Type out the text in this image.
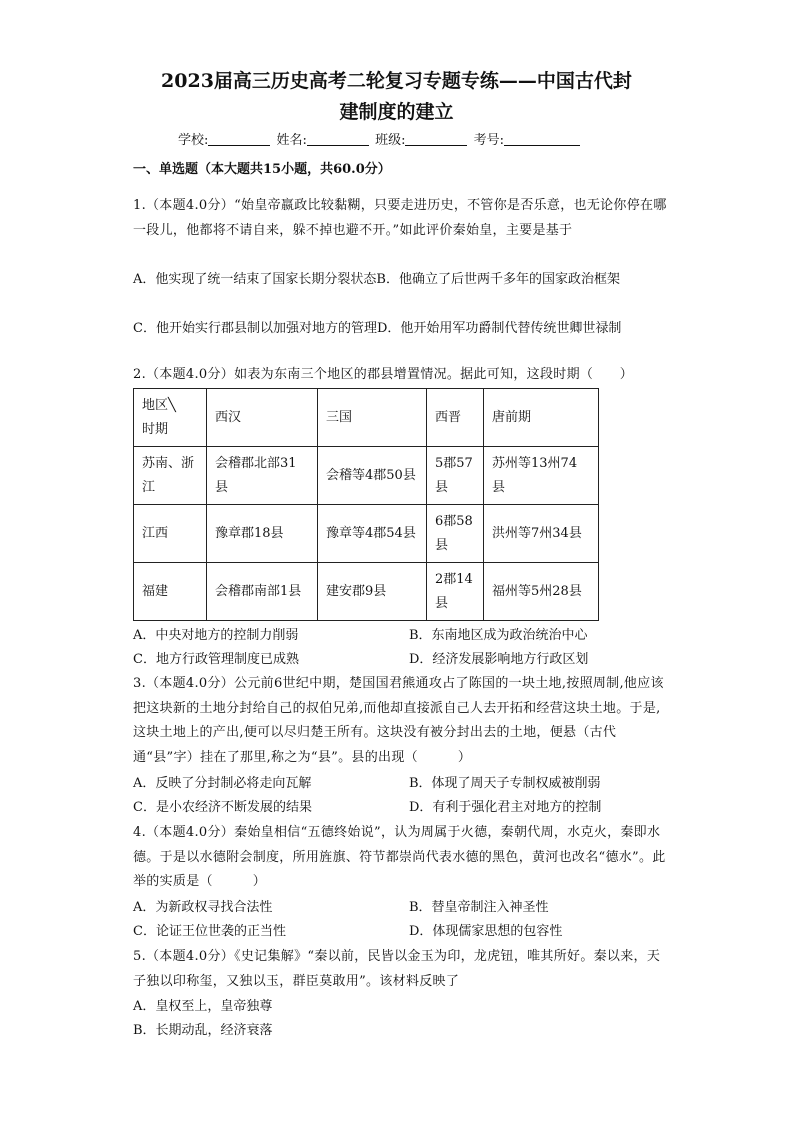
2023届高三历史高考二轮复习专题专练——中国古代封
建制度的建立
学校:	姓名:	班级:	考号:
一、单选题（本大题共15小题，共60.0分）
1.（本题4.0分）“始皇帝嬴政比较黏糊，只要走进历史，不管你是否乐意，也无论你停在哪一段儿，他都将不请自来，躲不掉也避不开。”如此评价秦始皇，主要是基于
A．他实现了统一结束了国家长期分裂状态B．他确立了后世两千多年的国家政治框架
C．他开始实行郡县制以加强对地方的管理D．他开始用军功爵制代替传统世卿世禄制
2.（本题4.0分）如表为东南三个地区的郡县增置情况。据此可知，这段时期（　　）
地区╲
时期	西汉	三国	西晋	唐前期
苏南、浙江	会稽郡北部31县	会稽等4郡50县	5郡57县	苏州等13州74县
江西	豫章郡18县	豫章等4郡54县	6郡58县	洪州等7州34县
福建	会稽郡南部1县	建安郡9县	2郡14县	福州等5州28县
A．中央对地方的控制力削弱	B．东南地区成为政治统治中心
C．地方行政管理制度已成熟	D．经济发展影响地方行政区划
3.（本题4.0分）公元前6世纪中期，楚国国君熊通攻占了陈国的一块土地,按照周制,他应该把这块新的土地分封给自己的叔伯兄弟,而他却直接派自己人去开拓和经营这块土地。于是,这块土地上的产出,便可以尽归楚王所有。这块没有被分封出去的土地，便悬（古代通“县”字）挂在了那里,称之为“县”。县的出现（　　　）
A．反映了分封制必将走向瓦解	B．体现了周天子专制权威被削弱
C．是小农经济不断发展的结果	D．有利于强化君主对地方的控制
4.（本题4.0分）秦始皇相信“五德终始说”，认为周属于火德，秦朝代周，水克火，秦即水德。于是以水德附会制度，所用旌旗、符节都崇尚代表水德的黑色，黄河也改名“德水”。此举的实质是（　　　）
A．为新政权寻找合法性	B．替皇帝制注入神圣性
C．论证王位世袭的正当性	D．体现儒家思想的包容性
5.（本题4.0分）《史记集解》“秦以前，民皆以金玉为印，龙虎钮，唯其所好。秦以来，天子独以印称玺，又独以玉，群臣莫敢用”。该材料反映了
A．皇权至上，皇帝独尊
B．长期动乱，经济衰落
